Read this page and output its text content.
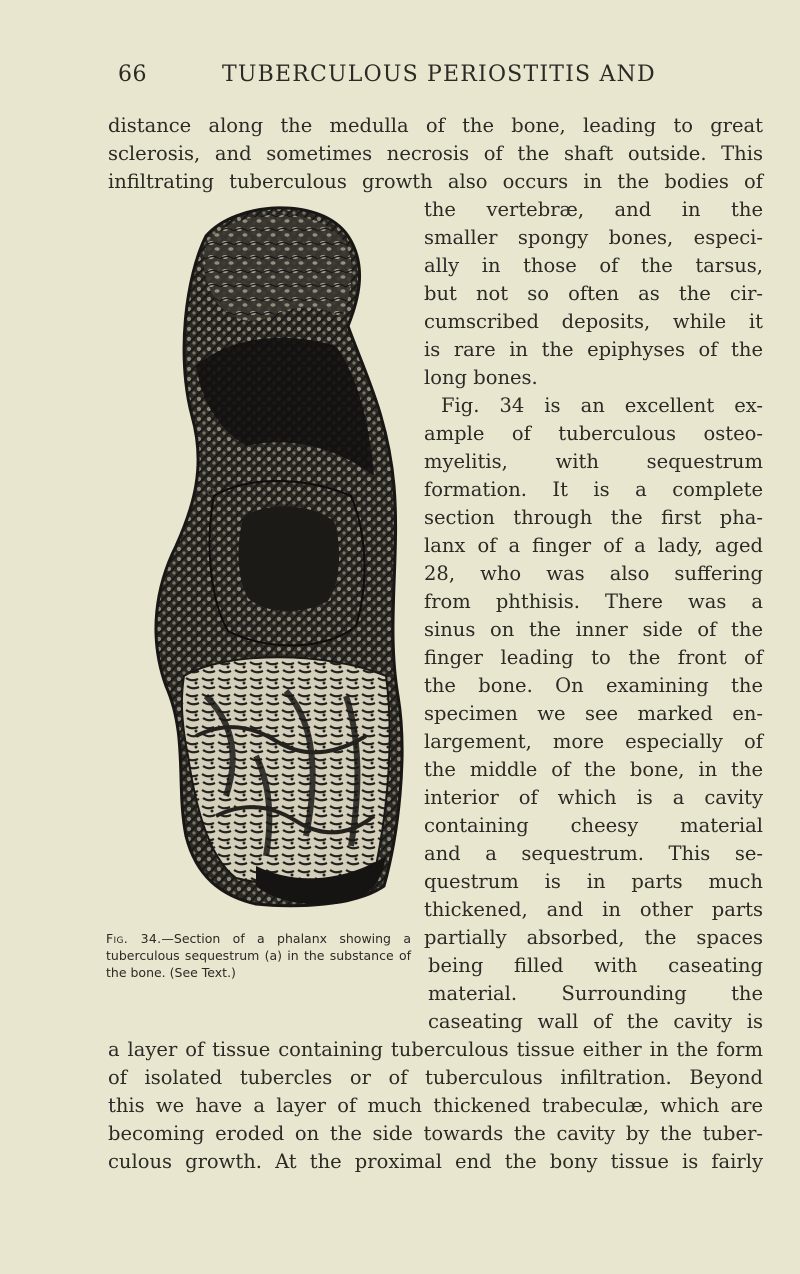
66	TUBERCULOUS PERIOSTITIS AND
distance along the medulla of the bone, leading to great
sclerosis, and sometimes necrosis of the shaft outside. This
infiltrating tuberculous growth also occurs in the bodies of
the vertebræ, and in the
smaller spongy bones, especi-
ally in those of the tarsus,
but not so often as the cir-
cumscribed deposits, while it
is rare in the epiphyses of the
long bones.
Fig. 34 is an excellent ex-
ample of tuberculous osteo-
myelitis, with sequestrum
formation. It is a complete
section through the first pha-
lanx of a finger of a lady, aged
28, who was also suffering
from phthisis. There was a
sinus on the inner side of the
finger leading to the front of
the bone. On examining the
specimen we see marked en-
largement, more especially of
the middle of the bone, in the
interior of which is a cavity
containing cheesy material
and a sequestrum. This se-
questrum is in parts much
thickened, and in other parts
partially absorbed, the spaces
being filled with caseating
material. Surrounding the
caseating wall of the cavity is
a layer of tissue containing tuberculous tissue either in the form
of isolated tubercles or of tuberculous infiltration. Beyond
this we have a layer of much thickened trabeculæ, which are
becoming eroded on the side towards the cavity by the tuber-
culous growth. At the proximal end the bony tissue is fairly
a
Fig. 34.—Section of a phalanx showing a tuberculous sequestrum (a) in the substance of the bone. (See Text.)
